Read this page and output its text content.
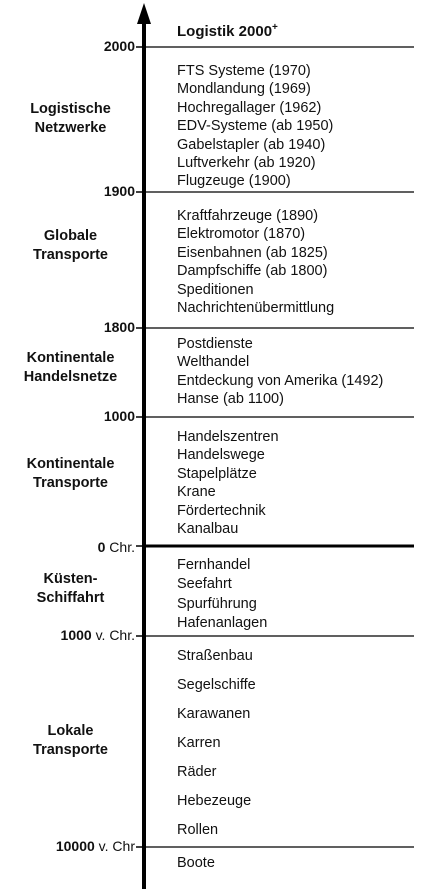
Logistik 2000+
2000
1900
1800
1000
0 Chr.
1000 v. Chr.
10000 v. Chr
Logistische
Netzwerke
Globale
Transporte
Kontinentale
Handelsnetze
Kontinentale
Transporte
Küsten-
Schiffahrt
Lokale
Transporte
FTS Systeme (1970)
Mondlandung (1969)
Hochregallager (1962)
EDV-Systeme (ab 1950)
Gabelstapler (ab 1940)
Luftverkehr (ab 1920)
Flugzeuge (1900)
Kraftfahrzeuge (1890)
Elektromotor (1870)
Eisenbahnen (ab 1825)
Dampfschiffe (ab 1800)
Speditionen
Nachrichtenübermittlung
Postdienste
Welthandel
Entdeckung von Amerika (1492)
Hanse (ab 1100)
Handelszentren
Handelswege
Stapelplätze
Krane
Fördertechnik
Kanalbau
Fernhandel
Seefahrt
Spurführung
Hafenanlagen
Straßenbau
Segelschiffe
Karawanen
Karren
Räder
Hebezeuge
Rollen
Boote
